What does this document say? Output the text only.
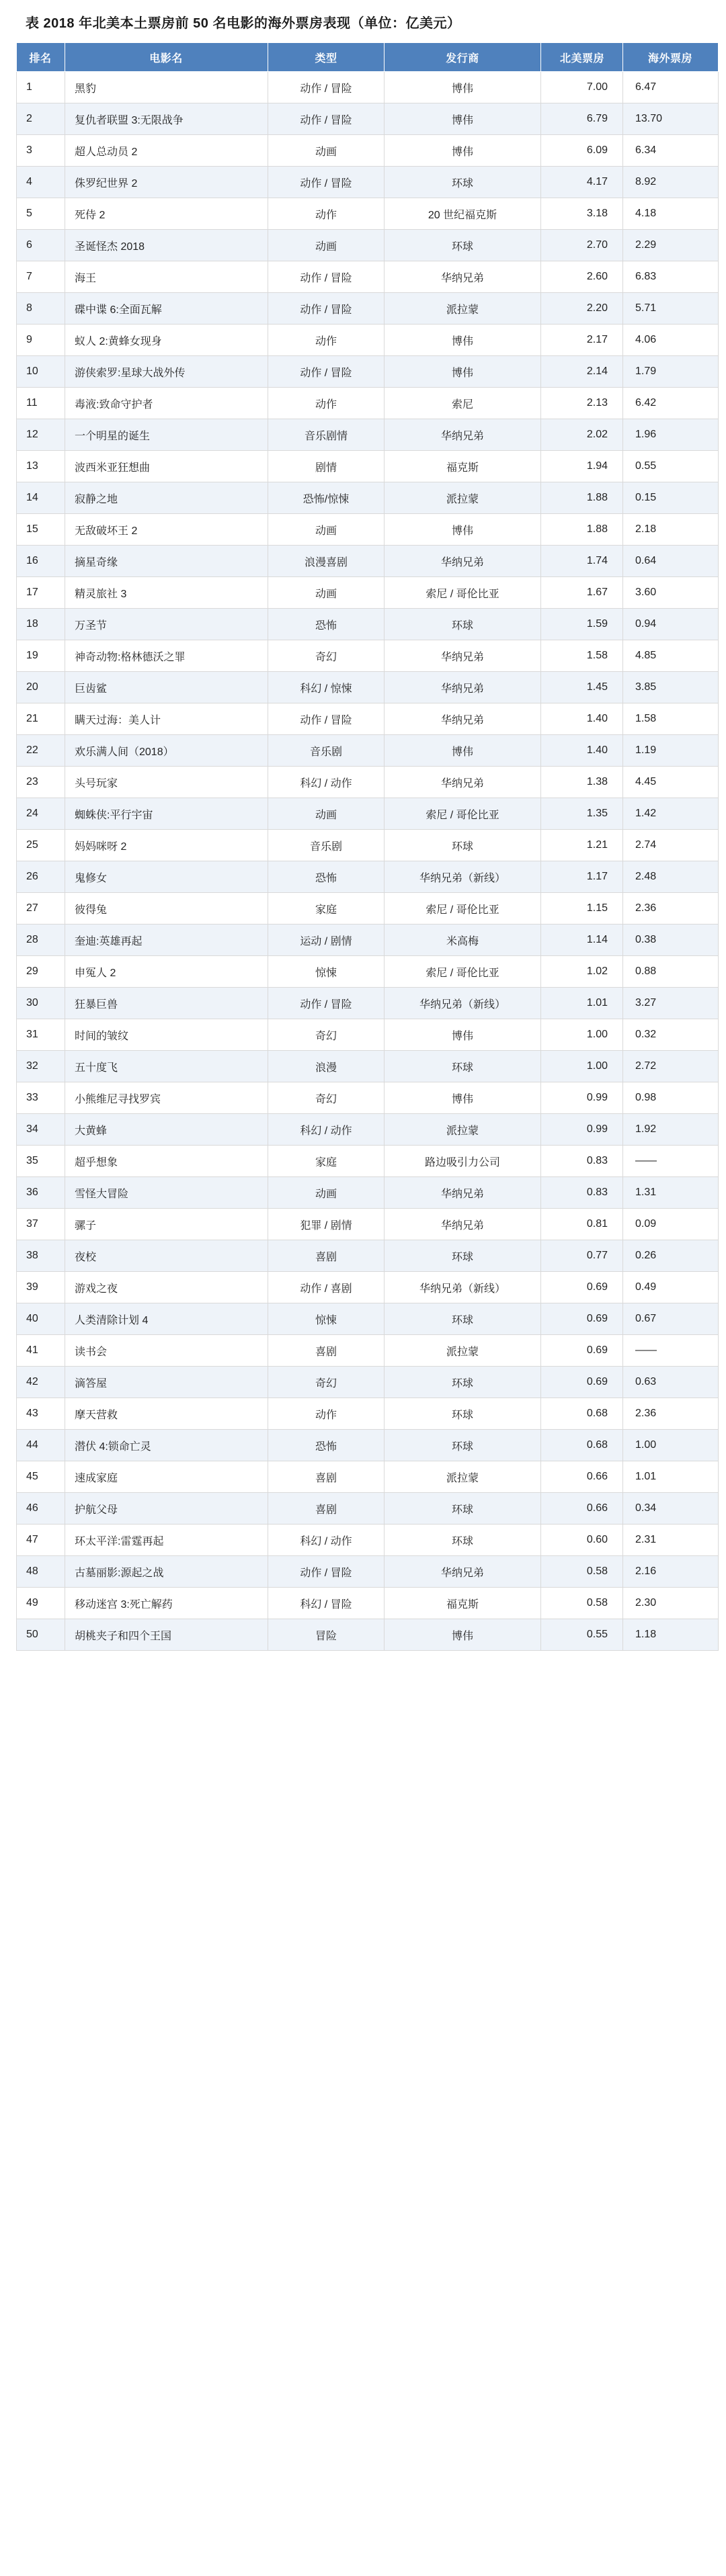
表 2018 年北美本土票房前 50 名电影的海外票房表现（单位：亿美元）
排名	电影名	类型	发行商	北美票房	海外票房
1	黑豹	动作 / 冒险	博伟	7.00	6.47
2	复仇者联盟 3:无限战争	动作 / 冒险	博伟	6.79	13.70
3	超人总动员 2	动画	博伟	6.09	6.34
4	侏罗纪世界 2	动作 / 冒险	环球	4.17	8.92
5	死侍 2	动作	20 世纪福克斯	3.18	4.18
6	圣诞怪杰 2018	动画	环球	2.70	2.29
7	海王	动作 / 冒险	华纳兄弟	2.60	6.83
8	碟中谍 6:全面瓦解	动作 / 冒险	派拉蒙	2.20	5.71
9	蚁人 2:黄蜂女现身	动作	博伟	2.17	4.06
10	游侠索罗:星球大战外传	动作 / 冒险	博伟	2.14	1.79
11	毒液:致命守护者	动作	索尼	2.13	6.42
12	一个明星的诞生	音乐剧情	华纳兄弟	2.02	1.96
13	波西米亚狂想曲	剧情	福克斯	1.94	0.55
14	寂静之地	恐怖/惊悚	派拉蒙	1.88	0.15
15	无敌破坏王 2	动画	博伟	1.88	2.18
16	摘星奇缘	浪漫喜剧	华纳兄弟	1.74	0.64
17	精灵旅社 3	动画	索尼 / 哥伦比亚	1.67	3.60
18	万圣节	恐怖	环球	1.59	0.94
19	神奇动物:格林德沃之罪	奇幻	华纳兄弟	1.58	4.85
20	巨齿鲨	科幻 / 惊悚	华纳兄弟	1.45	3.85
21	瞒天过海：美人计	动作 / 冒险	华纳兄弟	1.40	1.58
22	欢乐满人间（2018）	音乐剧	博伟	1.40	1.19
23	头号玩家	科幻 / 动作	华纳兄弟	1.38	4.45
24	蜘蛛侠:平行宇宙	动画	索尼 / 哥伦比亚	1.35	1.42
25	妈妈咪呀 2	音乐剧	环球	1.21	2.74
26	鬼修女	恐怖	华纳兄弟（新线）	1.17	2.48
27	彼得兔	家庭	索尼 / 哥伦比亚	1.15	2.36
28	奎迪:英雄再起	运动 / 剧情	米高梅	1.14	0.38
29	申冤人 2	惊悚	索尼 / 哥伦比亚	1.02	0.88
30	狂暴巨兽	动作 / 冒险	华纳兄弟（新线）	1.01	3.27
31	时间的皱纹	奇幻	博伟	1.00	0.32
32	五十度飞	浪漫	环球	1.00	2.72
33	小熊维尼寻找罗宾	奇幻	博伟	0.99	0.98
34	大黄蜂	科幻 / 动作	派拉蒙	0.99	1.92
35	超乎想象	家庭	路边吸引力公司	0.83	——
36	雪怪大冒险	动画	华纳兄弟	0.83	1.31
37	骡子	犯罪 / 剧情	华纳兄弟	0.81	0.09
38	夜校	喜剧	环球	0.77	0.26
39	游戏之夜	动作 / 喜剧	华纳兄弟（新线）	0.69	0.49
40	人类清除计划 4	惊悚	环球	0.69	0.67
41	读书会	喜剧	派拉蒙	0.69	——
42	滴答屋	奇幻	环球	0.69	0.63
43	摩天营救	动作	环球	0.68	2.36
44	潜伏 4:锁命亡灵	恐怖	环球	0.68	1.00
45	速成家庭	喜剧	派拉蒙	0.66	1.01
46	护航父母	喜剧	环球	0.66	0.34
47	环太平洋:雷霆再起	科幻 / 动作	环球	0.60	2.31
48	古墓丽影:源起之战	动作 / 冒险	华纳兄弟	0.58	2.16
49	移动迷宫 3:死亡解药	科幻 / 冒险	福克斯	0.58	2.30
50	胡桃夹子和四个王国	冒险	博伟	0.55	1.18
